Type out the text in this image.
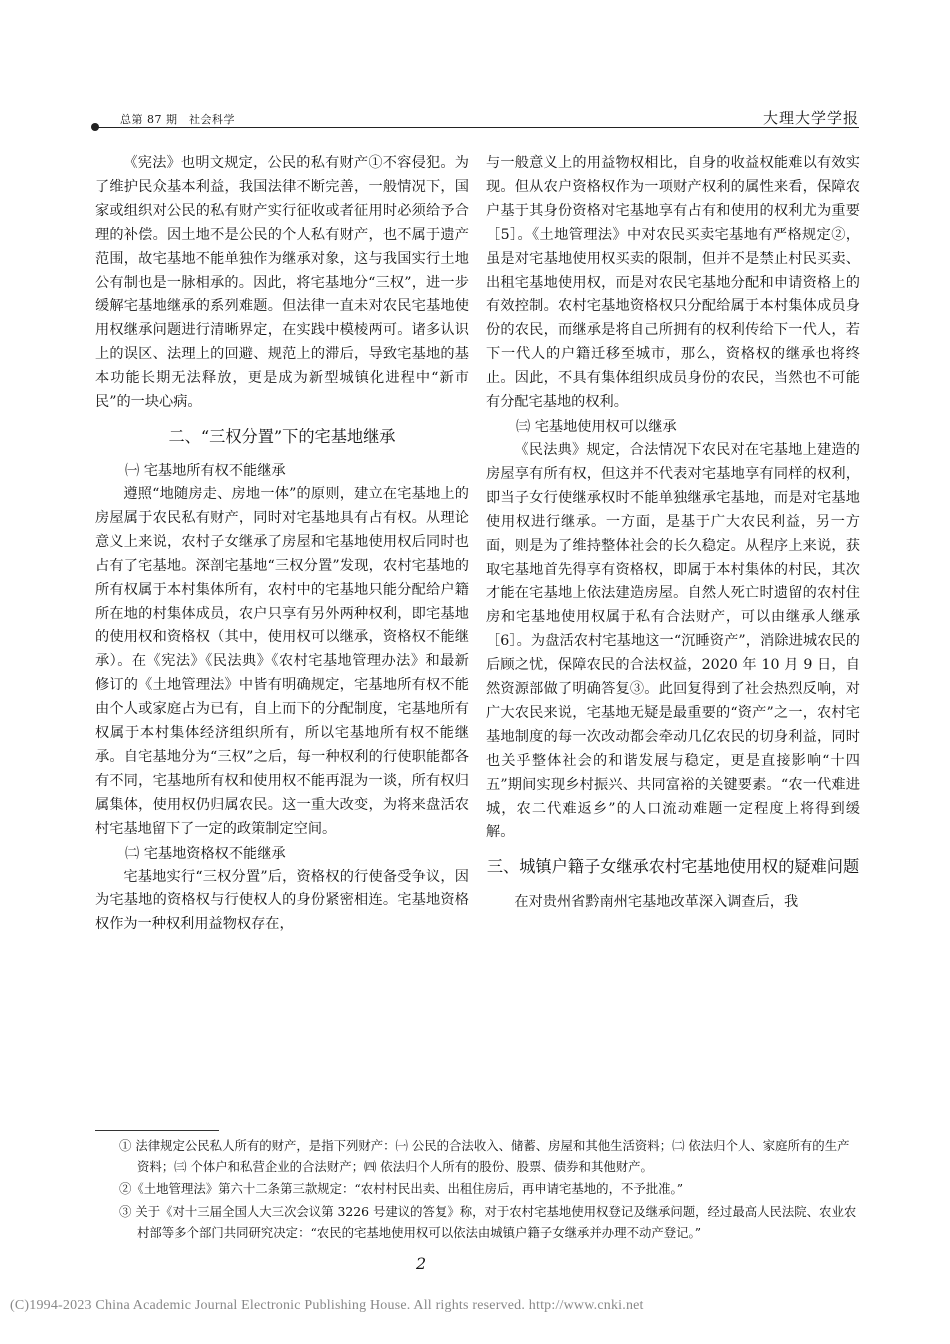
总第 87 期　社会科学	大理大学学报

《宪法》也明文规定，公民的私有财产①不容侵犯。为了维护民众基本利益，我国法律不断完善，一般情况下，国家或组织对公民的私有财产实行征收或者征用时必须给予合理的补偿。因土地不是公民的个人私有财产，也不属于遗产范围，故宅基地不能单独作为继承对象，这与我国实行土地公有制也是一脉相承的。因此，将宅基地分“三权”，进一步缓解宅基地继承的系列难题。但法律一直未对农民宅基地使用权继承问题进行清晰界定，在实践中模棱两可。诸多认识上的误区、法理上的回避、规范上的滞后，导致宅基地的基本功能长期无法释放，更是成为新型城镇化进程中“新市民”的一块心病。

二、“三权分置”下的宅基地继承
㈠ 宅基地所有权不能继承

遵照“地随房走、房地一体”的原则，建立在宅基地上的房屋属于农民私有财产，同时对宅基地具有占有权。从理论意义上来说，农村子女继承了房屋和宅基地使用权后同时也占有了宅基地。深剖宅基地“三权分置”发现，农村宅基地的所有权属于本村集体所有，农村中的宅基地只能分配给户籍所在地的村集体成员，农户只享有另外两种权利，即宅基地的使用权和资格权（其中，使用权可以继承，资格权不能继承）。在《宪法》《民法典》《农村宅基地管理办法》和最新修订的《土地管理法》中皆有明确规定，宅基地所有权不能由个人或家庭占为已有，自上而下的分配制度，宅基地所有权属于本村集体经济组织所有，所以宅基地所有权不能继承。自宅基地分为“三权”之后，每一种权利的行使职能都各有不同，宅基地所有权和使用权不能再混为一谈，所有权归属集体，使用权仍归属农民。这一重大改变，为将来盘活农村宅基地留下了一定的政策制定空间。

㈡ 宅基地资格权不能继承

宅基地实行“三权分置”后，资格权的行使备受争议，因为宅基地的资格权与行使权人的身份紧密相连。宅基地资格权作为一种权利用益物权存在，

与一般意义上的用益物权相比，自身的收益权能难以有效实现。但从农户资格权作为一项财产权利的属性来看，保障农户基于其身份资格对宅基地享有占有和使用的权利尤为重要［5］。《土地管理法》中对农民买卖宅基地有严格规定②，虽是对宅基地使用权买卖的限制，但并不是禁止村民买卖、出租宅基地使用权，而是对农民宅基地分配和申请资格上的有效控制。农村宅基地资格权只分配给属于本村集体成员身份的农民，而继承是将自己所拥有的权利传给下一代人，若下一代人的户籍迁移至城市，那么，资格权的继承也将终止。因此，不具有集体组织成员身份的农民，当然也不可能有分配宅基地的权利。

㈢ 宅基地使用权可以继承

《民法典》规定，合法情况下农民对在宅基地上建造的房屋享有所有权，但这并不代表对宅基地享有同样的权利，即当子女行使继承权时不能单独继承宅基地，而是对宅基地使用权进行继承。一方面，是基于广大农民利益，另一方面，则是为了维持整体社会的长久稳定。从程序上来说，获取宅基地首先得享有资格权，即属于本村集体的村民，其次才能在宅基地上依法建造房屋。自然人死亡时遗留的农村住房和宅基地使用权属于私有合法财产，可以由继承人继承［6］。为盘活农村宅基地这一“沉睡资产”，消除进城农民的后顾之忧，保障农民的合法权益，2020 年 10 月 9 日，自然资源部做了明确答复③。此回复得到了社会热烈反响，对广大农民来说，宅基地无疑是最重要的“资产”之一，农村宅基地制度的每一次改动都会牵动几亿农民的切身利益，同时也关乎整体社会的和谐发展与稳定，更是直接影响“十四五”期间实现乡村振兴、共同富裕的关键要素。“农一代难进城，农二代难返乡”的人口流动难题一定程度上将得到缓解。

三、城镇户籍子女继承农村宅基地使用权的疑难问题

在对贵州省黔南州宅基地改革深入调查后，我

① 法律规定公民私人所有的财产，是指下列财产：㈠ 公民的合法收入、储蓄、房屋和其他生活资料；㈡ 依法归个人、家庭所有的生产资料；㈢ 个体户和私营企业的合法财产；㈣ 依法归个人所有的股份、股票、债券和其他财产。

②《土地管理法》第六十二条第三款规定：“农村村民出卖、出租住房后，再申请宅基地的，不予批准。”

③ 关于《对十三届全国人大三次会议第 3226 号建议的答复》称，对于农村宅基地使用权登记及继承问题，经过最高人民法院、农业农村部等多个部门共同研究决定：“农民的宅基地使用权可以依法由城镇户籍子女继承并办理不动产登记。”

2
(C)1994-2023 China Academic Journal Electronic Publishing House. All rights reserved. http://www.cnki.net
